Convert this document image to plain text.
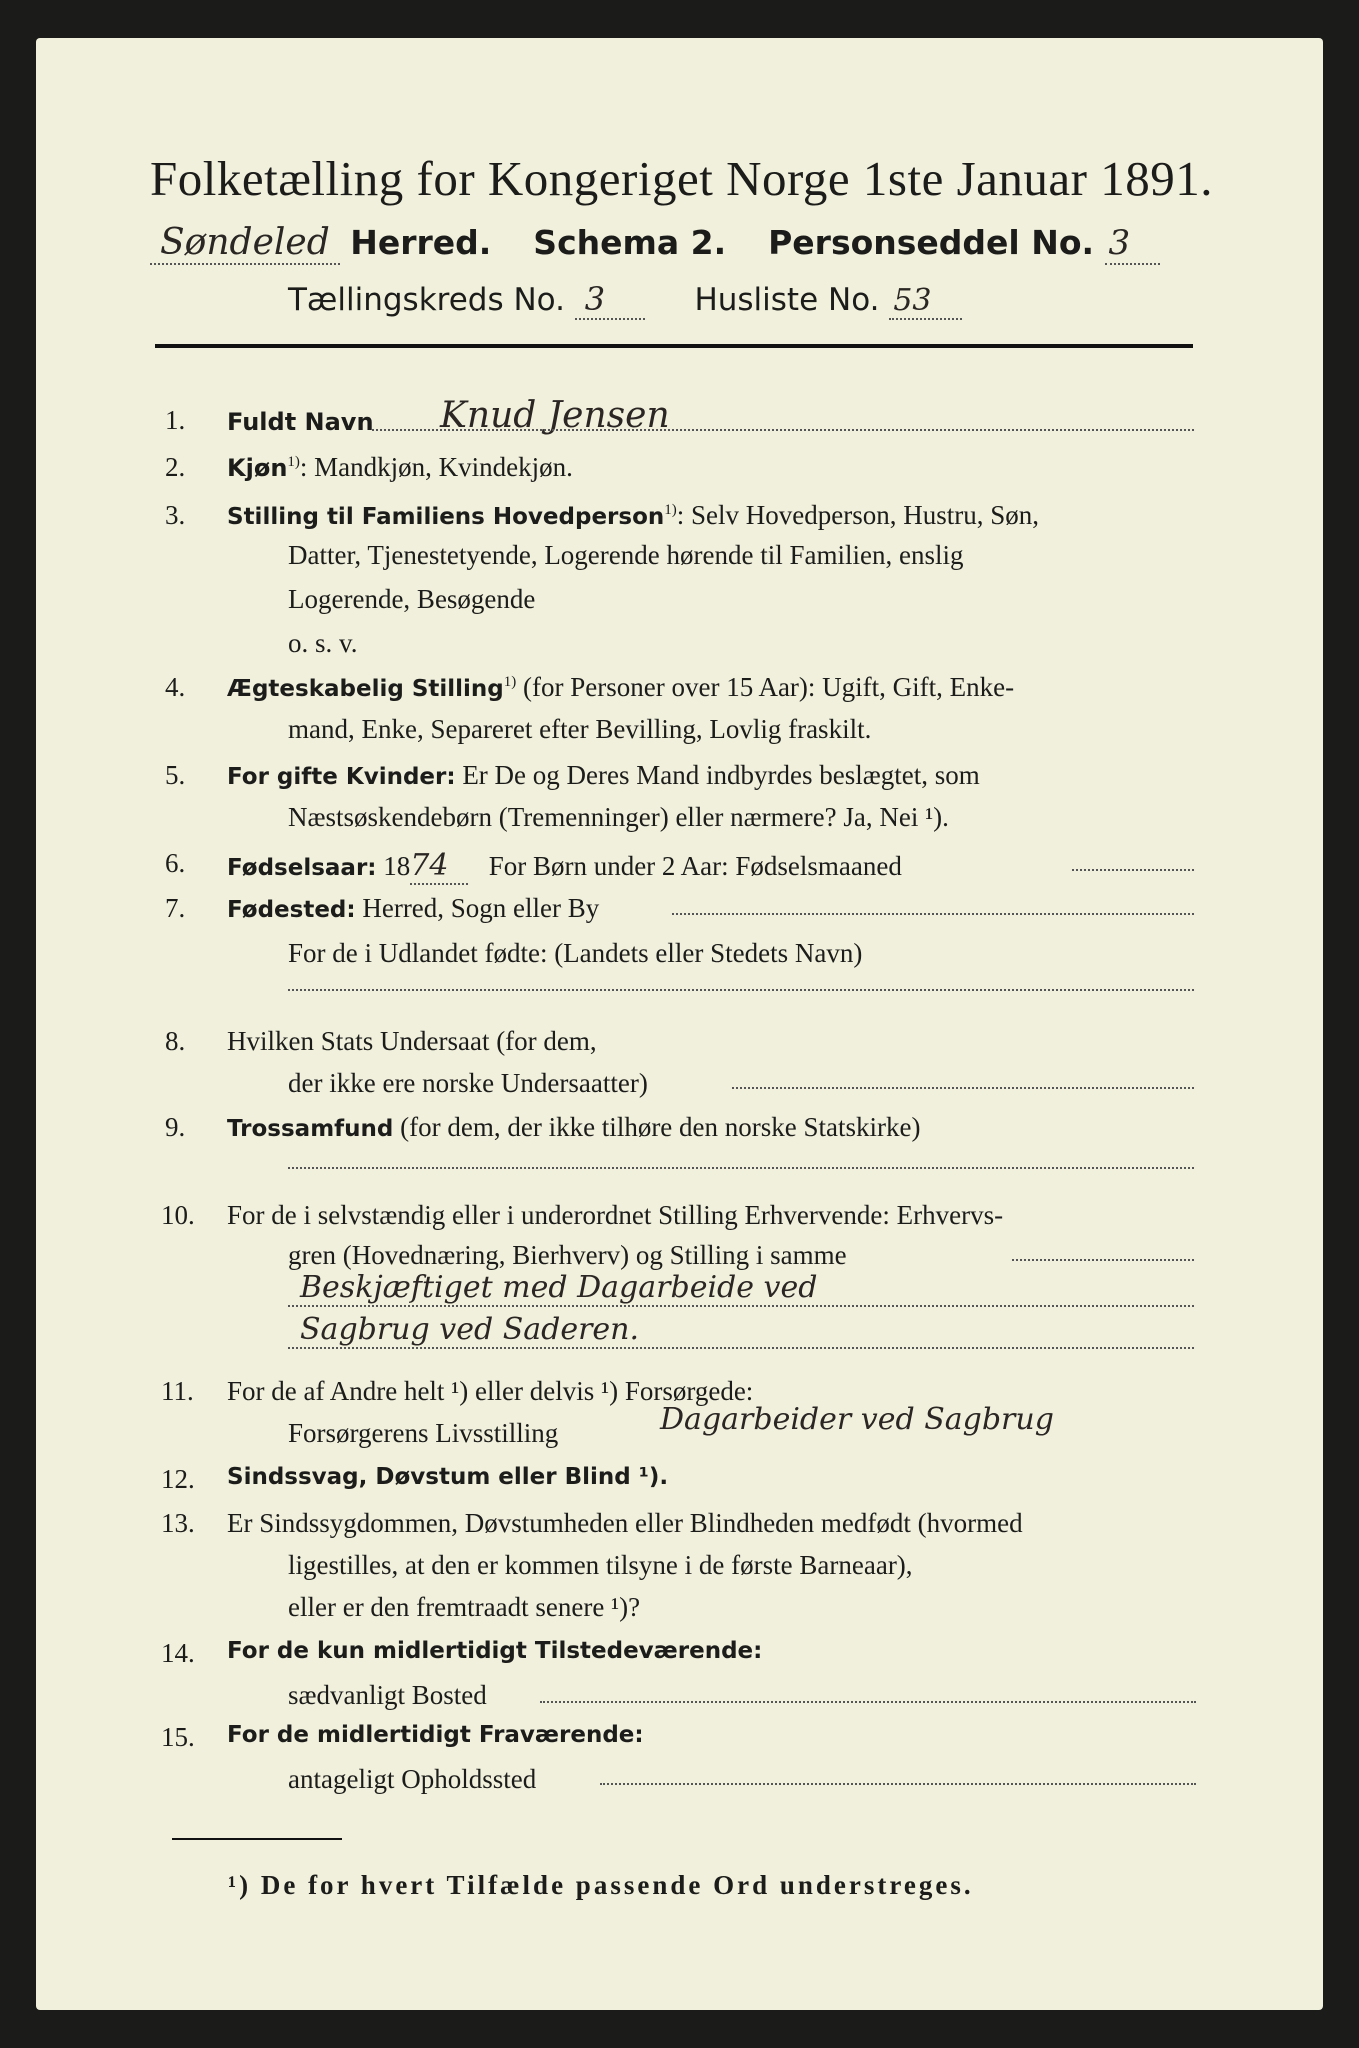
Folketælling for Kongeriget Norge 1ste Januar 1891.
Søndeled Herred. Schema 2. Personseddel No. 3
Tællingskreds No. 3	Husliste No. 53
1. Fuldt Navn Knud Jensen
2. Kjøn$^{1)}$: Mandkjøn, Kvindekjøn.
3. Stilling til Familiens Hovedperson$^{1)}$: Selv Hovedperson, Hustru, Søn,
Datter, Tjenestetyende, Logerende hørende til Familien, enslig
Logerende, Besøgende
o. s. v.
4. Ægteskabelig Stilling$^{1)}$ (for Personer over 15 Aar): Ugift, Gift, Enke-
mand, Enke, Separeret efter Bevilling, Lovlig fraskilt.
5. For gifte Kvinder: Er De og Deres Mand indbyrdes beslægtet, som
Næstsøskendebørn (Tremenninger) eller nærmere? Ja, Nei ¹).
6. Fødselsaar: 1874 For Børn under 2 Aar: Fødselsmaaned
7. Fødested: Herred, Sogn eller By
For de i Udlandet fødte: (Landets eller Stedets Navn)
8. Hvilken Stats Undersaat (for dem,
der ikke ere norske Undersaatter)
9. Trossamfund (for dem, der ikke tilhøre den norske Statskirke)
10. For de i selvstændig eller i underordnet Stilling Erhvervende: Erhvervs-
gren (Hovednæring, Bierhverv) og Stilling i samme
Beskjæftiget med Dagarbeide ved
Sagbrug ved Saderen.
11. For de af Andre helt ¹) eller delvis ¹) Forsørgede:
Forsørgerens Livsstilling	Dagarbeider ved Sagbrug
12. Sindssvag, Døvstum eller Blind ¹).
13. Er Sindssygdommen, Døvstumheden eller Blindheden medfødt (hvormed
ligestilles, at den er kommen tilsyne i de første Barneaar),
eller er den fremtraadt senere ¹)?
14. For de kun midlertidigt Tilstedeværende:
sædvanligt Bosted
15. For de midlertidigt Fraværende:
antageligt Opholdssted
¹) De for hvert Tilfælde passende Ord understreges.
